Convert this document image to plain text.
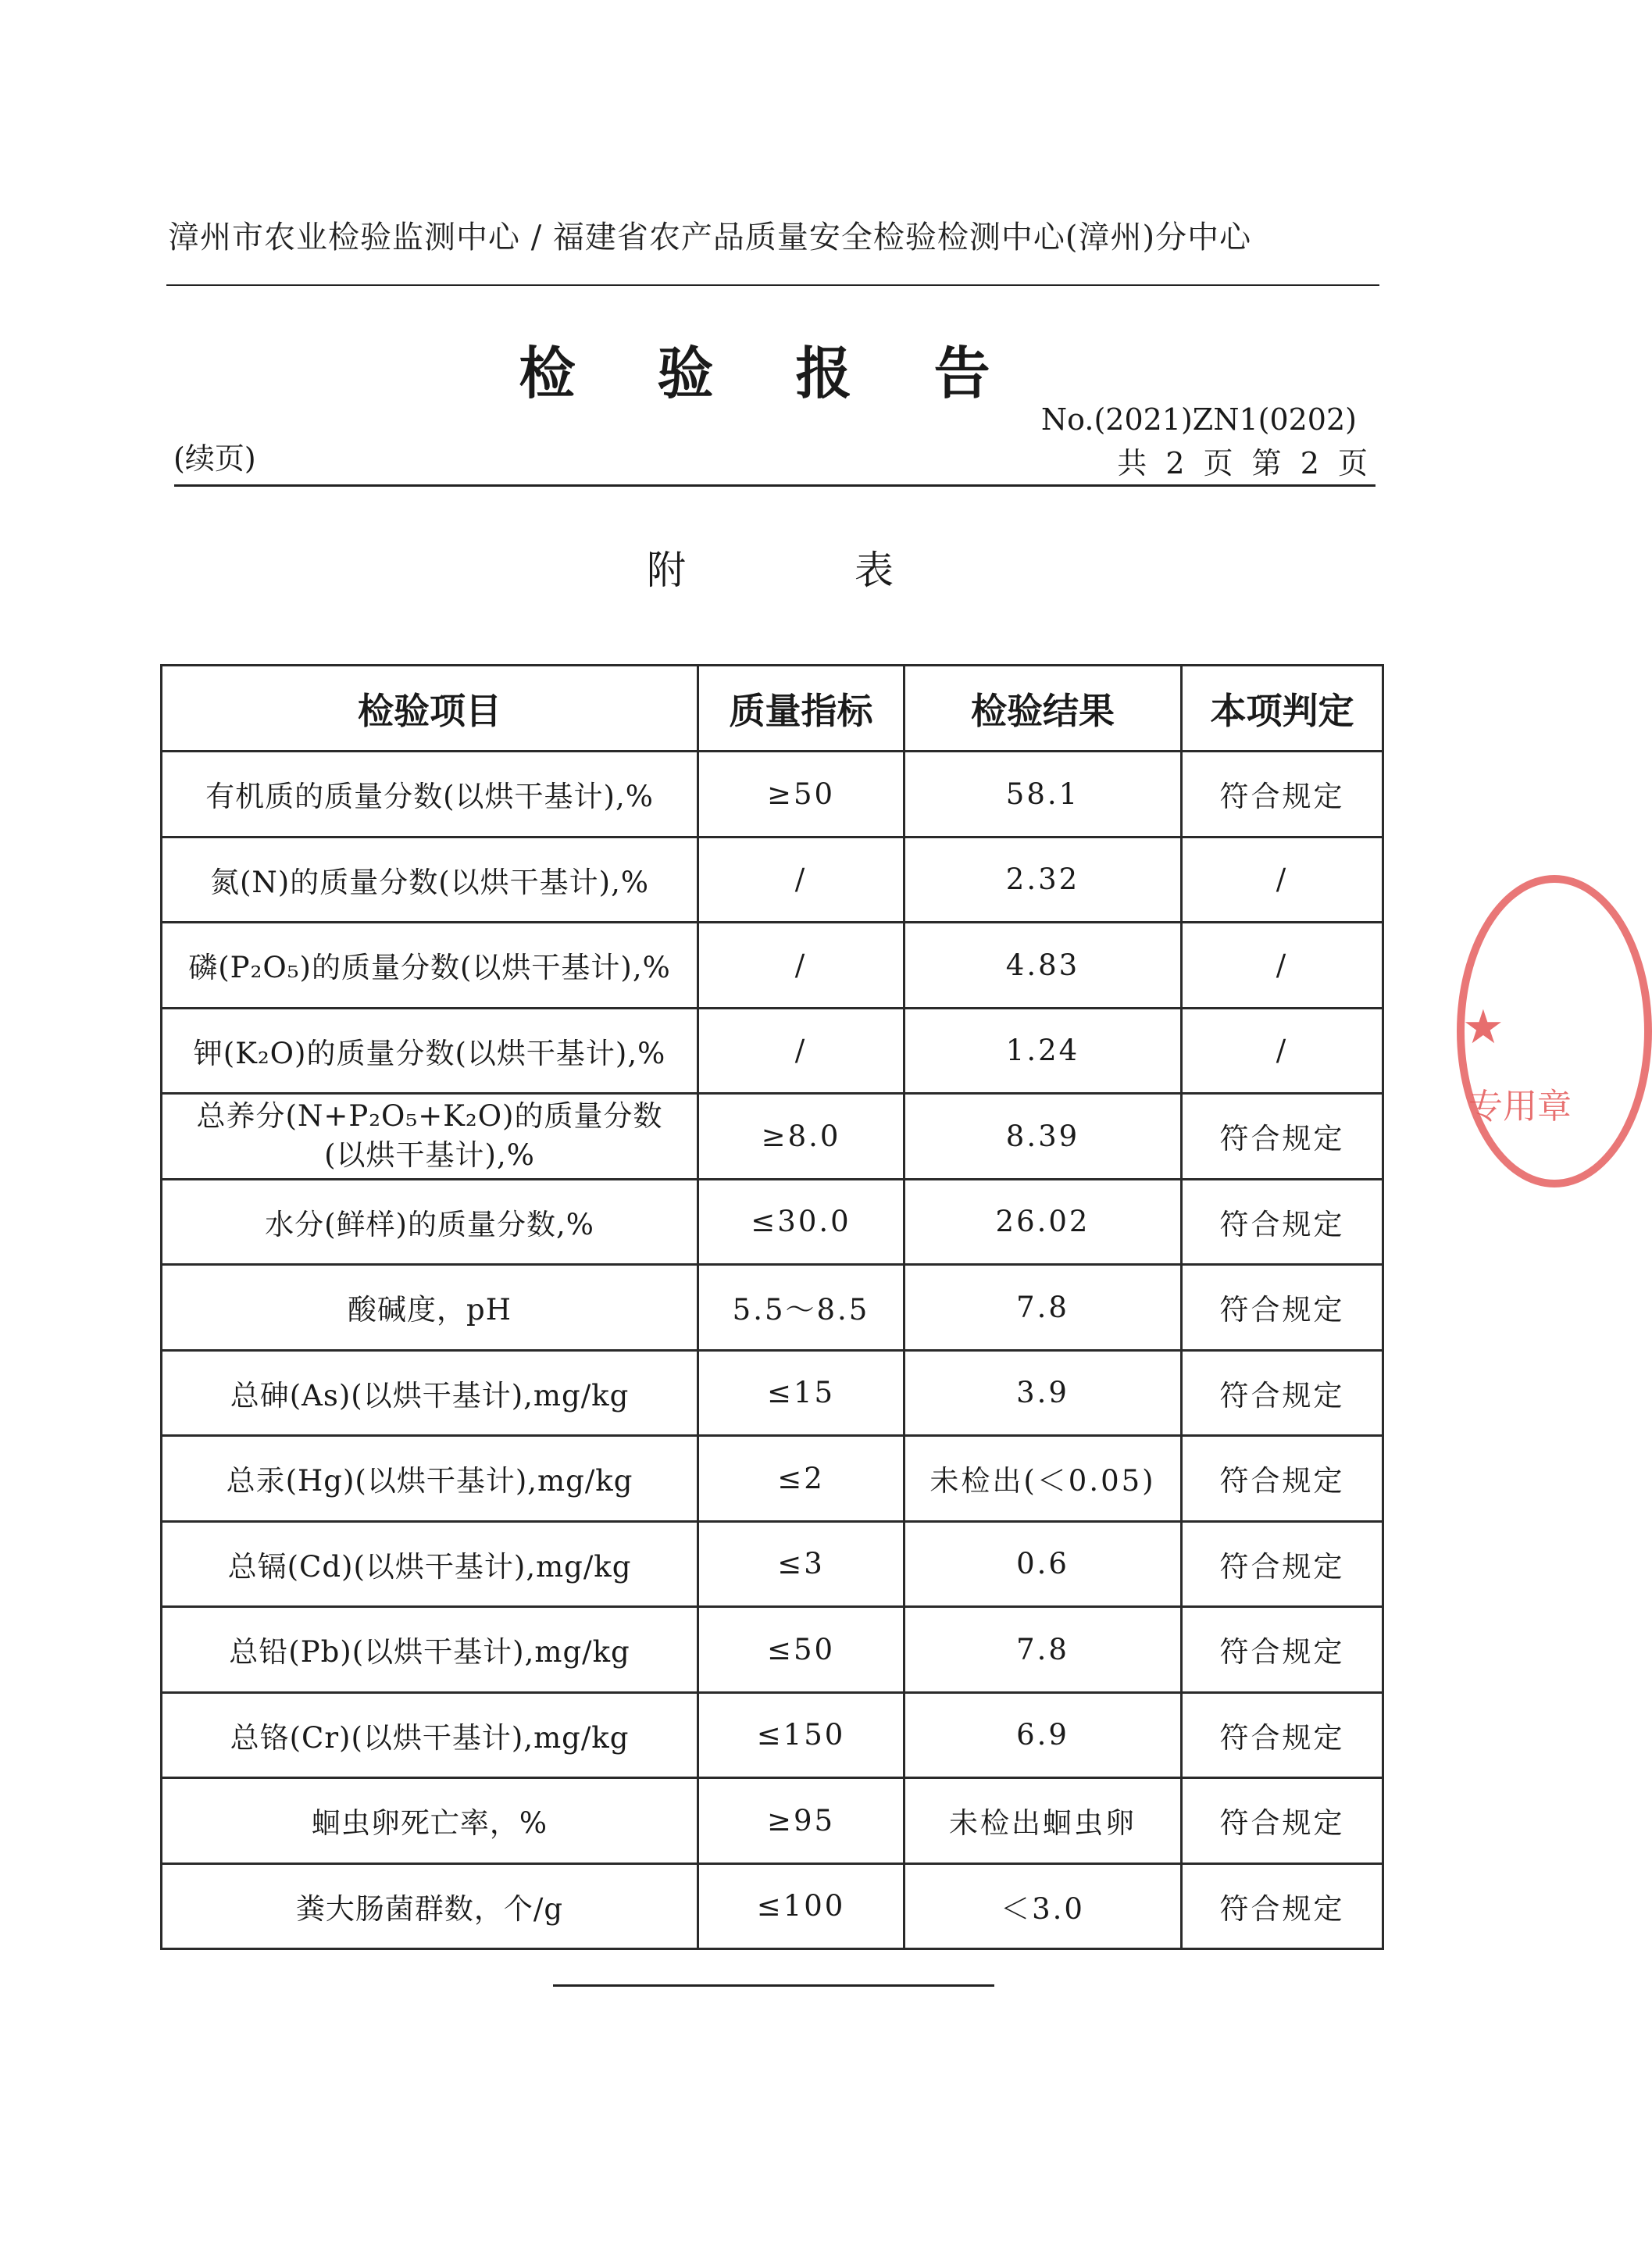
漳州市农业检验监测中心 / 福建省农产品质量安全检验检测中心(漳州)分中心
检 验 报 告
No.(2021)ZN1(0202)
(续页)	共 2 页 第 2 页
附 表
检验项目	质量指标	检验结果	本项判定
有机质的质量分数(以烘干基计),%	≥50	58.1	符合规定
氮(N)的质量分数(以烘干基计),%	/	2.32	/
磷(P₂O₅)的质量分数(以烘干基计),%	/	4.83	/
钾(K₂O)的质量分数(以烘干基计),%	/	1.24	/
总养分(N+P₂O₅+K₂O)的质量分数
(以烘干基计),%	≥8.0	8.39	符合规定
水分(鲜样)的质量分数,%	≤30.0	26.02	符合规定
酸碱度，pH	5.5～8.5	7.8	符合规定
总砷(As)(以烘干基计),mg/kg	≤15	3.9	符合规定
总汞(Hg)(以烘干基计),mg/kg	≤2	未检出(＜0.05)	符合规定
总镉(Cd)(以烘干基计),mg/kg	≤3	0.6	符合规定
总铅(Pb)(以烘干基计),mg/kg	≤50	7.8	符合规定
总铬(Cr)(以烘干基计),mg/kg	≤150	6.9	符合规定
蛔虫卵死亡率，%	≥95	未检出蛔虫卵	符合规定
粪大肠菌群数，个/g	≤100	＜3.0	符合规定
★
专用章
